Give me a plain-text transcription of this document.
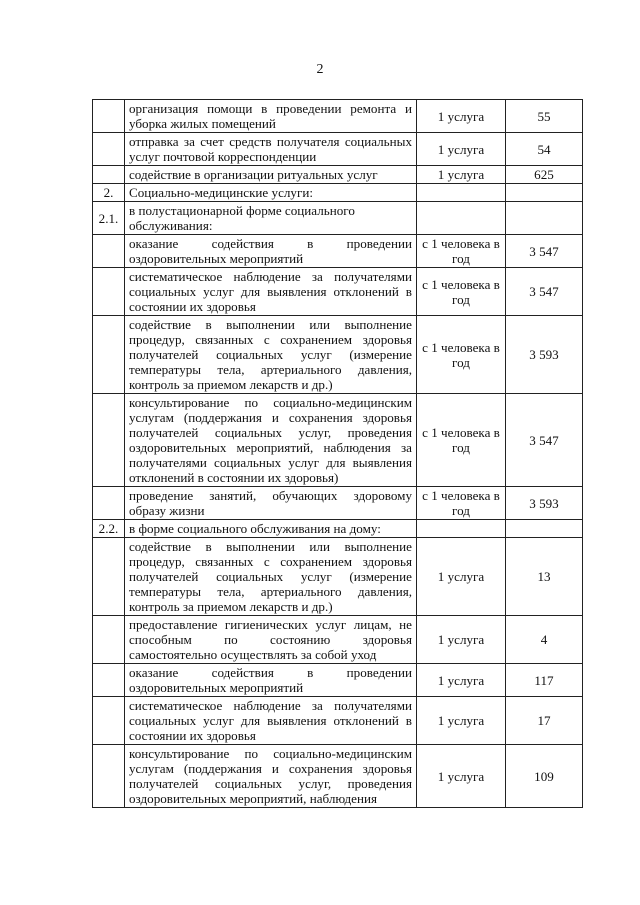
2
	организация помощи в проведении ремонта и уборка жилых помещений	1 услуга	55
	отправка за счет средств получателя социальных услуг почтовой корреспонденции	1 услуга	54
	содействие в организации ритуальных услуг	1 услуга	625
2.	Социально-медицинские услуги:		
2.1.	в полустационарной форме социального обслуживания:		
	оказание содействия в проведении оздоровительных мероприятий	с 1 человека в год	3 547
	систематическое наблюдение за получателями социальных услуг для выявления отклонений в состоянии их здоровья	с 1 человека в год	3 547
	содействие в выполнении или выполнение процедур, связанных с сохранением здоровья получателей социальных услуг (измерение температуры тела, артериального давления, контроль за приемом лекарств и др.)	с 1 человека в год	3 593
	консультирование по социально-медицинским услугам (поддержания и сохранения здоровья получателей социальных услуг, проведения оздоровительных мероприятий, наблюдения за получателями социальных услуг для выявления отклонений в состоянии их здоровья)	с 1 человека в год	3 547
	проведение занятий, обучающих здоровому образу жизни	с 1 человека в год	3 593
2.2.	в форме социального обслуживания на дому:		
	содействие в выполнении или выполнение процедур, связанных с сохранением здоровья получателей социальных услуг (измерение температуры тела, артериального давления, контроль за приемом лекарств и др.)	1 услуга	13
	предоставление гигиенических услуг лицам, не способным по состоянию здоровья самостоятельно осуществлять за собой уход	1 услуга	4
	оказание содействия в проведении оздоровительных мероприятий	1 услуга	117
	систематическое наблюдение за получателями социальных услуг для выявления отклонений в состоянии их здоровья	1 услуга	17
	консультирование по социально-медицинским услугам (поддержания и сохранения здоровья получателей социальных услуг, проведения оздоровительных мероприятий, наблюдения	1 услуга	109
